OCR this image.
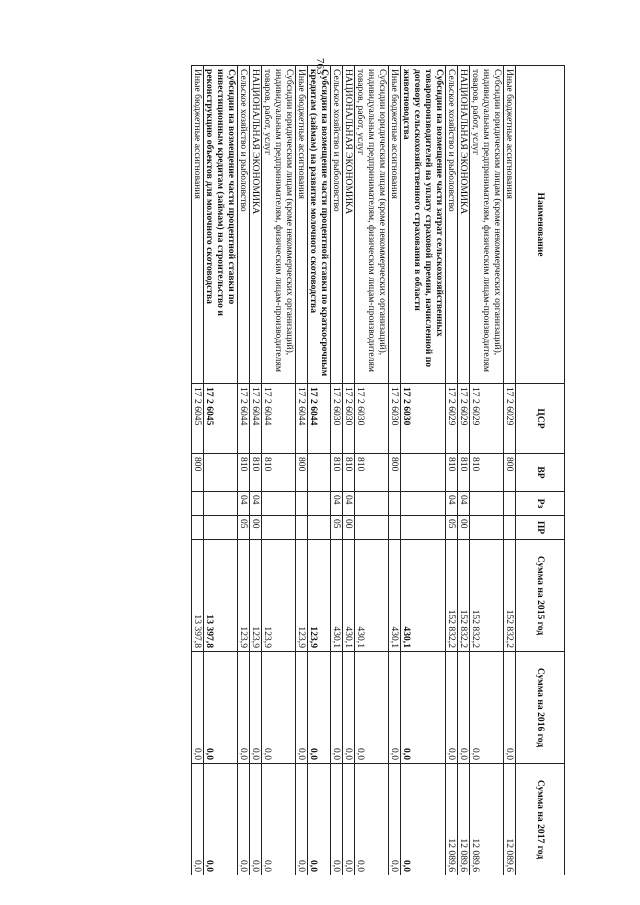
763
Наименование	ЦСР	ВР	Рз	ПР	Сумма на 2015 год	Сумма на 2016 год	Сумма на 2017 год
Иные бюджетные ассигнования	17 2 6029	800			152 832,2	0,0	12 089,6
Субсидии юридическим лицам (кроме некоммерческих организаций), индивидуальным предпринимателям, физическим лицам-производителям товаров, работ, услуг	17 2 6029	810			152 832,2	0,0	12 089,6
НАЦИОНАЛЬНАЯ ЭКОНОМИКА	17 2 6029	810	04	00	152 832,2	0,0	12 089,6
Сельское хозяйство и рыболовство	17 2 6029	810	04	05	152 832,2	0,0	12 089,6
Субсидии на возмещение части затрат сельскохозяйственных товаропроизводителей на уплату страховой премии, начисленной по договору сельскохозяйственного страхования в области животноводства	17 2 6030				430,1	0,0	0,0
Иные бюджетные ассигнования	17 2 6030	800			430,1	0,0	0,0
Субсидии юридическим лицам (кроме некоммерческих организаций), индивидуальным предпринимателям, физическим лицам-производителям товаров, работ, услуг	17 2 6030	810			430,1	0,0	0,0
НАЦИОНАЛЬНАЯ ЭКОНОМИКА	17 2 6030	810	04	00	430,1	0,0	0,0
Сельское хозяйство и рыболовство	17 2 6030	810	04	05	430,1	0,0	0,0
Субсидии на возмещение части процентной ставки по краткосрочным кредитам (займам) на развитие молочного скотоводства	17 2 6044				123,9	0,0	0,0
Иные бюджетные ассигнования	17 2 6044	800			123,9	0,0	0,0
Субсидии юридическим лицам (кроме некоммерческих организаций), индивидуальным предпринимателям, физическим лицам-производителям товаров, работ, услуг	17 2 6044	810			123,9	0,0	0,0
НАЦИОНАЛЬНАЯ ЭКОНОМИКА	17 2 6044	810	04	00	123,9	0,0	0,0
Сельское хозяйство и рыболовство	17 2 6044	810	04	05	123,9	0,0	0,0
Субсидии на возмещение части процентной ставки по инвестиционным кредитам (займам) на строительство и реконструкцию объектов для молочного скотоводства	17 2 6045				13 397,8	0,0	0,0
Иные бюджетные ассигнования	17 2 6045	800			13 397,8	0,0	0,0
